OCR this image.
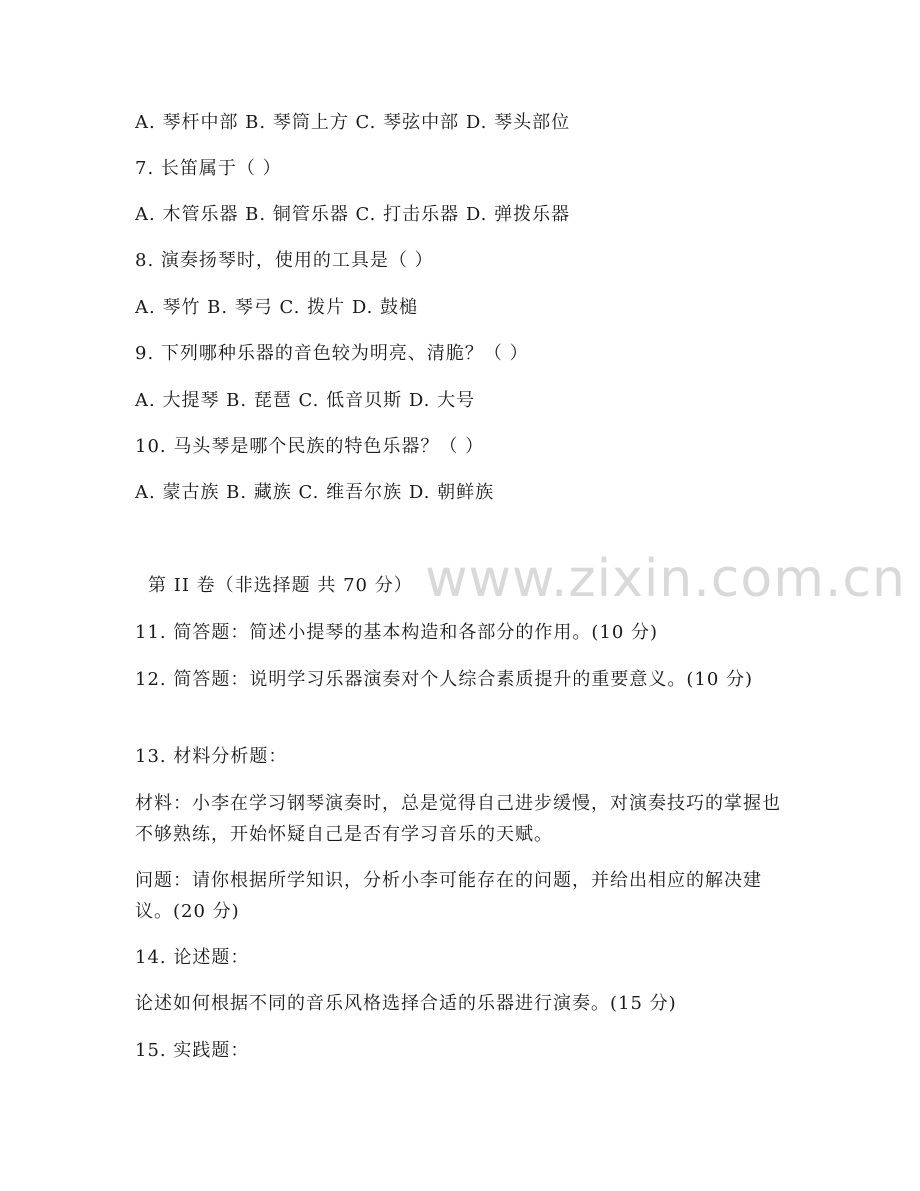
www.zixin.com.cn
A. 琴杆中部 B. 琴筒上方 C. 琴弦中部 D. 琴头部位
7. 长笛属于（ ）
A. 木管乐器 B. 铜管乐器 C. 打击乐器 D. 弹拨乐器
8. 演奏扬琴时，使用的工具是（ ）
A. 琴竹 B. 琴弓 C. 拨片 D. 鼓槌
9. 下列哪种乐器的音色较为明亮、清脆？（ ）
A. 大提琴 B. 琵琶 C. 低音贝斯 D. 大号
10. 马头琴是哪个民族的特色乐器？（ ）
A. 蒙古族 B. 藏族 C. 维吾尔族 D. 朝鲜族
第 II 卷（非选择题 共 70 分）
11. 简答题：简述小提琴的基本构造和各部分的作用。(10 分)
12. 简答题：说明学习乐器演奏对个人综合素质提升的重要意义。(10 分)
13. 材料分析题：
材料：小李在学习钢琴演奏时，总是觉得自己进步缓慢，对演奏技巧的掌握也不够熟练，开始怀疑自己是否有学习音乐的天赋。
问题：请你根据所学知识，分析小李可能存在的问题，并给出相应的解决建议。(20 分)
14. 论述题：
论述如何根据不同的音乐风格选择合适的乐器进行演奏。(15 分)
15. 实践题：
